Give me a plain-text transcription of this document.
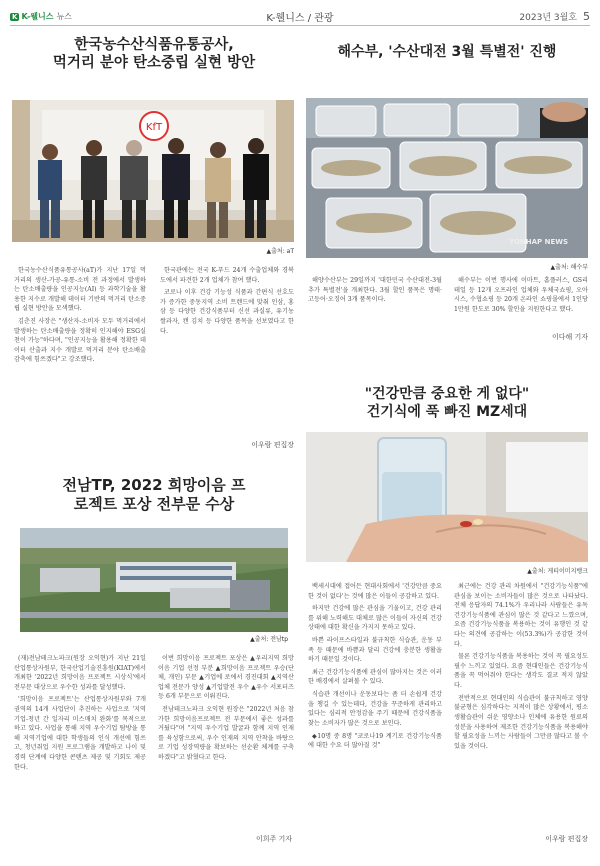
K K-웰니스 뉴스	K-웰니스 / 관광	2023년 3월호 5
한국농수산식품유통공사,
먹거리 분야 탄소중립 실현 방안
KfT
▲출처: aT

한국농수산식품유통공사(aT)가 지난 17일 먹거리의 생산-가공-유통-소비 전 과정에서 발생하는 탄소배출량을 인공지능(AI) 등 과학기술을 활용한 지수로 개발해 데이터 기반의 먹거리 탄소중립 실현 방안을 모색했다.

김춘진 사장은 "생산자-소비자 모두 먹거리에서 발생하는 탄소배출량을 정확히 인지해야 ESG실천이 가능"하다며, "인공지능을 활용해 정확한 데이터 산출과 지수 개발로 먹거리 분야 탄소배출 감축에 힘쓰겠다"고 강조했다.

한국관에는 전국 K-푸드 24개 수출업체와 경북도에서 파견한 2개 업체가 참여 했다.

코로나 이후 건강 기능성 식품과 간편식 선호도가 증가한 중동지역 소비 트렌드에 맞춰 인삼, 홍삼 등 다양한 건강식품부터 신선 과실류, 유기농 쌀과자, 캔 김치 등 다양한 품목을 선보였다고 한다.

이우람 편집장
해수부, '수산대전 3월 특별전' 진행
YONHAP NEWS
▲출처: 해수부

해양수산부는 29일까지 '대한민국 수산대전-3월 추가 특별전'을 개최한다. 3월 할인 품목은 명태·고등어·오징어 3개 품목이다.

해수부는 이번 행사에 이마트, 홈플러스, GS리테일 등 12개 오프라인 업체와 우체국쇼핑, 오아시스, 수협쇼핑 등 20개 온라인 쇼핑몰에서 1인당 1만원 한도로 30% 할인을 지원한다고 했다.

이다해 기자
전남TP, 2022 희망이음 프
로젝트 포상 전부문 수상
▲출처: 전남tp

(재)전남테크노파크(원장 오익현)가 지난 21일 산업통상자원부, 한국산업기술진흥원(KIAT)에서 개최한 '2022년 희망이음 프로젝트 시상식'에서 전부문 대상으로 우수한 성과를 달성했다.

'희망이음 프로젝트'는 산업통상자원부와 7개 권역의 14개 사업단이 추진하는 사업으로 '지역기업-청년 간 일자리 미스매치 완화'를 목적으로 하고 있다. 사업을 통해 지역 우수기업 탐방을 통해 지역기업에 대한 학생들의 인식 개선에 힘쓰고, 청년취업 지원 프로그램을 개발하고 나이 및 경력 단계에 다양한 콘텐츠 제공 및 기회도 제공한다.

이번 희망이음 프로젝트 포상은 ▲우리지역 희망이음 기업 선정 부분 ▲희망이음 프로젝트 우승(단체, 개인) 부문 ▲기업에 로에서 경진대회 ▲지역산업체 전문가 양성 ▲기업발전 우수 ▲우수 서포터즈 등 6개 부문으로 이뤄진다.

전남테크노파크 오익현 원장은 "2022년 처음 참가한 희망이음프로젝트 전 부문에서 좋은 성과를 거뒀다"며 "지역 우수기업 발굴과 함께 지역 인재를 육성함으로써, 우수 인재의 지역 안착을 바탕으로 기업 성장역량을 확보하는 선순환 체계를 구축하겠다"고 밝혔다고 한다.

이희주 기자
"건강만큼 중요한 게 없다"
건기식에 푹 빠진 MZ세대
▲출처: 게티이미지뱅크

백세시대에 접어든 현대사회에서 '건강만큼 중요한 것이 없다'는 것에 많은 이들이 공감하고 있다.

하지만 건강에 많은 관심을 기울이고, 건강 관리를 위해 노력해도 대체로 많은 이들이 자신의 건강상태에 대한 확신을 가지지 못하고 있다.

바쁜 라이프스타일과 불규칙한 식습관, 운동 부족 등 때문에 바쁨과 달리 건강에 충분한 생활을 하기 때문일 것이다.

최근 건강기능식품에 관심이 많아지는 것은 이러한 배경에서 살펴볼 수 있다.

식습관 개선이나 운동보다는 좀 더 손쉽게 건강을 챙길 수 있는데다, 건강을 꾸준하게 관리하고 있다는 심리적 안정감을 주기 때문에 건강식품을 찾는 소비자가 많은 것으로 보인다.

◆10명 중 8명 "코로나19 계기로 건강기능식품에 대한 수요 더 많아질 것"

최근에는 건강 관리 차원에서 "건강기능식품"에 관심을 보이는 소비자들이 많은 것으로 나타났다. 전체 응답자의 74.1%가 우리나라 사람들은 유독 건강기능식품에 관심이 많은 것 같다고 느꼈으며, 요즘 건강기능식품을 복용하는 것이 유행인 것 같다는 의견에 공감하는 이(53.3%)가 공감한 것이다.

물론 건강기능식품을 복용하는 것이 꼭 필요성도 필수 느끼고 있었다. 요즘 현대인들은 건강기능식품을 꼭 먹어줘야 한다는 생각도 결코 적지 않았다.

전반적으로 현대인의 식습관이 불규칙하고 영양 불균형은 심각하다는 지적이 많은 상황에서, 평소 생활습관이 쉬운 영양소나 인체에 유용한 원료의 성분을 사용하여 제조한 건강기능식품을 복용해야 할 필요성을 느끼는 사람들이 그만큼 많다고 볼 수 있을 것이다.

이우람 편집장
